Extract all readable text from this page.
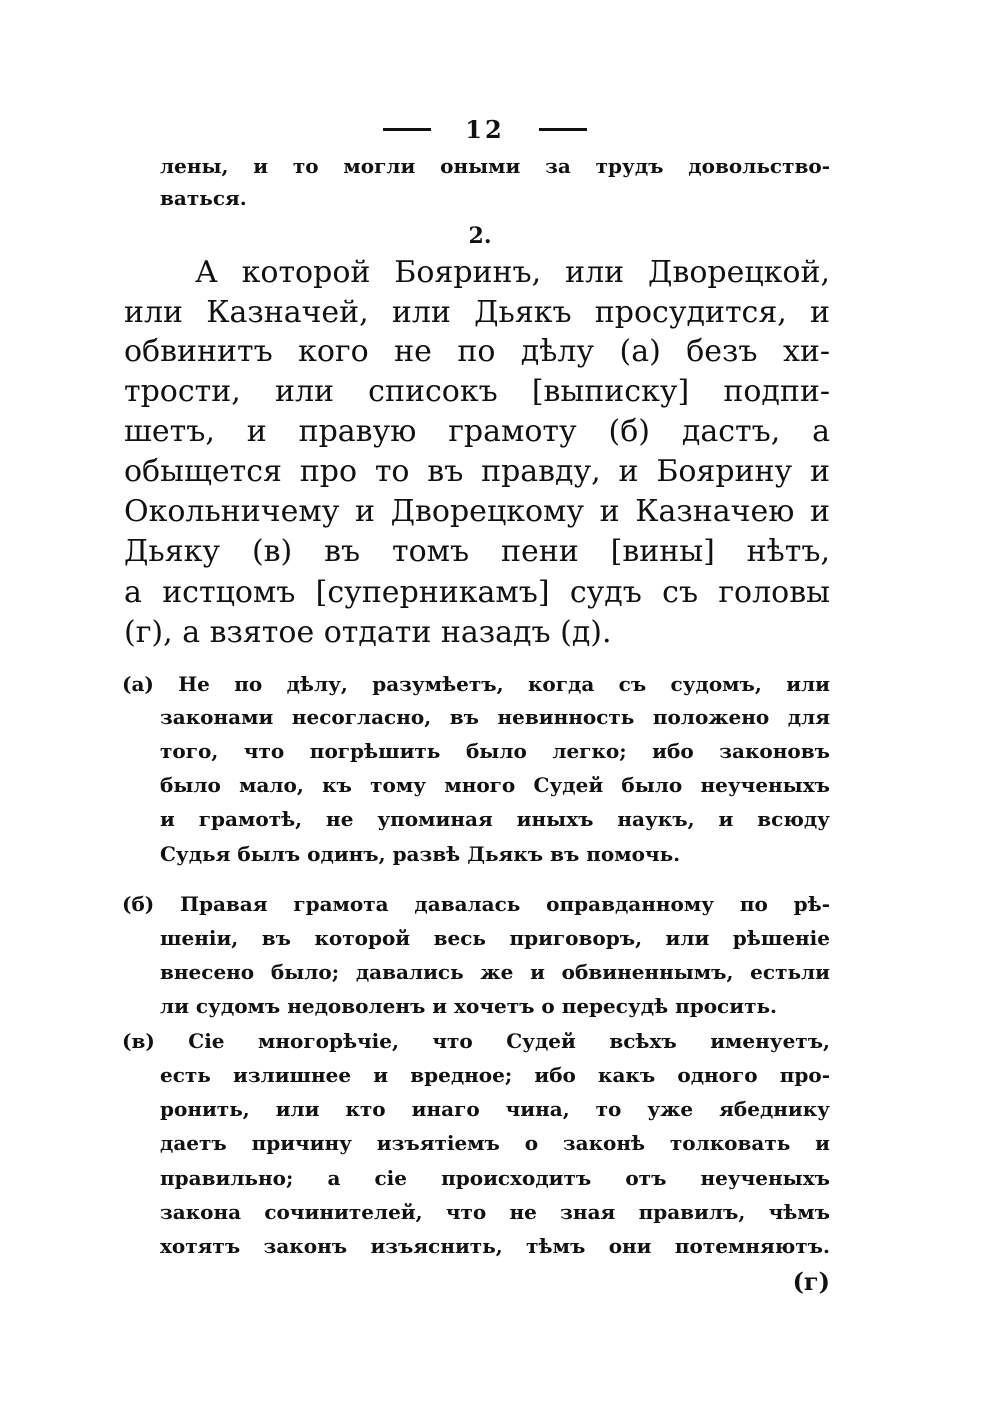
12
лены, и то могли оными за трудъ довольство-
ваться.
2.
А которой Бояринъ, или Дворецкой,
или Казначей, или Дьякъ просудится, и
обвинитъ кого не по дѣлу (а) безъ хи-
трости, или списокъ [выписку] подпи-
шетъ, и правую грамоту (б) дастъ, а
обыщется про то въ правду, и Боярину и
Окольничему и Дворецкому и Казначею и
Дьяку (в) въ томъ пени [вины] нѣтъ,
а истцомъ [суперникамъ] судъ съ головы
(г), а взятое отдати назадъ (д).
(а) Не по дѣлу, разумѣетъ, когда съ судомъ, или
законами несогласно, въ невинность положено для
того, что погрѣшить было легко; ибо законовъ
было мало, къ тому много Судей было неученыхъ
и грамотѣ, не упоминая иныхъ наукъ, и всюду
Судья былъ одинъ, развѣ Дьякъ въ помочь.
(б) Правая грамота давалась оправданному по рѣ-
шеніи, въ которой весь приговоръ, или рѣшеніе
внесено было; давались же и обвиненнымъ, естьли
ли судомъ недоволенъ и хочетъ о пересудѣ просить.
(в) Сіе многорѣчіе, что Судей всѣхъ именуетъ,
есть излишнее и вредное; ибо какъ одного про-
ронить, или кто инаго чина, то уже ябеднику
даетъ причину изъятіемъ о законѣ толковать и
правильно; а сіе происходитъ отъ неученыхъ
закона сочинителей, что не зная правилъ, чѣмъ
хотятъ законъ изъяснить, тѣмъ они потемняютъ.
(г)
